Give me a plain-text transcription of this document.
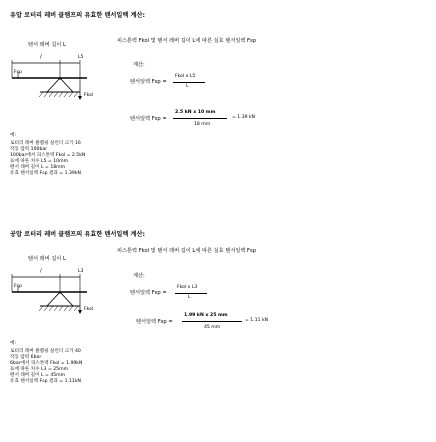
유압 로터리 레버 클램프의 유효한 텐서일렉 계산:
텐서 레버 길이 L
/	L5
Fsp
Fkol
피스톤력 Fkol 및 텐서 레버 길이 L에 따른 실효 텐서일렉 Fsp
계산:
텐서일렉 Fsp =
Fkol x L5
L
텐서일렉 Fsp =
2.5 kN x 10 mm
18 mm
= 1.39 kN
예:
로터리 레버 클램핑 실린더 크기 16
작동 압력 100bar
100bar에서 피스톤력 Fkol = 2.5kN
표에 따른 치수 L5 = 10mm
텐서 레버 길이 L = 18mm
유효 텐서일렉 Fsp 결과 = 1.39kN
공압 로터리 레버 클램프의 유효한 텐서일렉 계산:
텐서 레버 길이 L
/	L3
Fsp
Fkol
피스톤력 Fkol 및 텐서 레버 길이 L에 따른 실효 텐서일렉 Fsp
계산:
텐서일렉 Fsp =
Fkol x L3
L
텐서일렉 Fsp =
1.99 kN x 25 mm
45 mm
= 1.11 kN
예:
로터리 레버 클램핑 실린더 크기 40
작동 압력 6bar
6bar에서 피스톤력 Fkol = 1.99kN
표에 따른 치수 L3 = 25mm
텐서 레버 길이 L = 45mm
유효 텐서일렉 Fsp 결과 = 1.11kN
